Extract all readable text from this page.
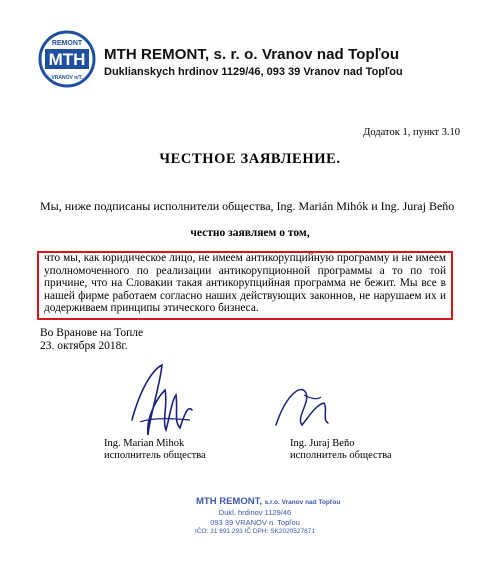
MTH
REMONT
VRANOV n/T.
MTH REMONT, s. r. o. Vranov nad Topľou
Duklianskych hrdinov 1129/46, 093 39 Vranov nad Topľou
Додаток 1, пункт 3.10
ЧЕСТНОЕ ЗАЯВЛЕНИЕ.
Мы, ниже подписаны исполнители общества, Ing. Marián Mihók и Ing. Juraj Beňo
честно заявляем о том,
что мы, как юридическое лицо, не имеем антикорупцийную программу и не имеем уполномоченного по реализации антикорупционной программы а то по той причине, что на Словакии такая антикорупцийная программа не бежит. Мы все в нашей фирме работаем согласно наших действующих законнов, не нарушаем их и додерживаем принципы этического бизнеса.
Во Вранове на Топле
23. октября 2018г.
Ing. Marian Mihok
исполнитель общества
Ing. Juraj Beňo
исполнитель общества
MTH REMONT, s.r.o. Vranov nad Topľou
Dukl. hrdinov 1129/46
093 39 VRANOV n. Topľou
IČO: 31 691 293 IČ DPH: SK2020527871
